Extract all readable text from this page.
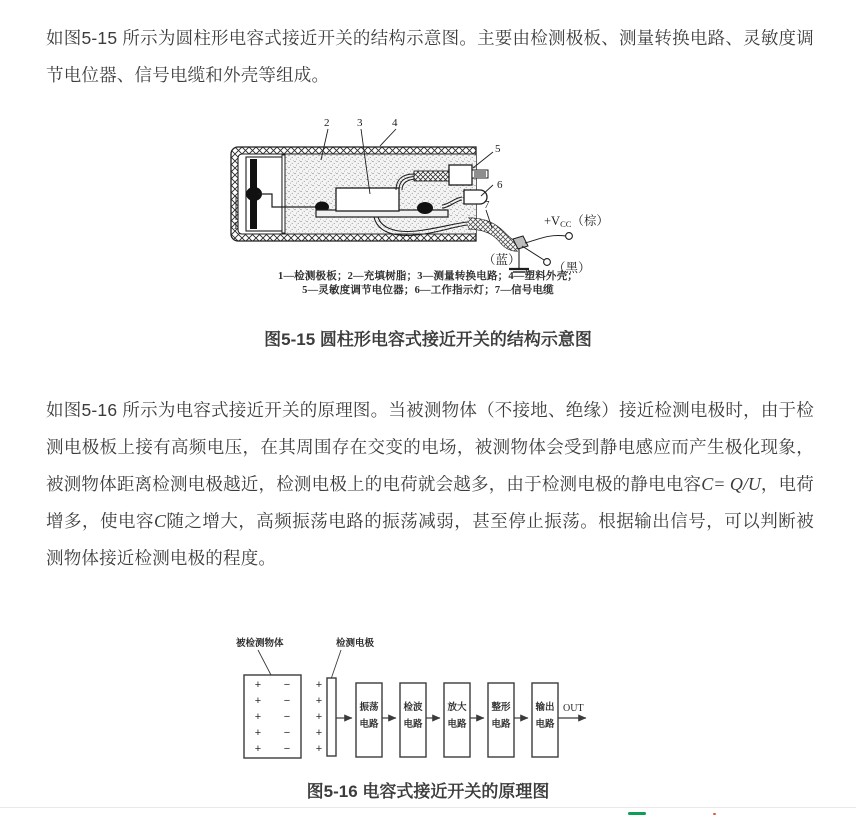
如图5-15 所示为圆柱形电容式接近开关的结构示意图。主要由检测极板、测量转换电路、灵敏度调节电位器、信号电缆和外壳等组成。
1
2	3	4
5
6
7
+VCC（棕）
（蓝）
（黑）
1—检测极板；2—充填树脂；3—测量转换电路；4—塑料外壳；
5—灵敏度调节电位器；6—工作指示灯；7—信号电缆
图5-15 圆柱形电容式接近开关的结构示意图
如图5-16 所示为电容式接近开关的原理图。当被测物体（不接地、绝缘）接近检测电极时，由于检测电极板上接有高频电压，在其周围存在交变的电场，被测物体会受到静电感应而产生极化现象，被测物体距离检测电极越近，检测电极上的电荷就会越多，由于检测电极的静电电容C= Q/U，电荷增多，使电容C随之增大，高频振荡电路的振荡减弱，甚至停止振荡。根据输出信号，可以判断被测物体接近检测电极的程度。
被检测物体	检测电极
+ −
+ −
+ −
+ −
+ −
+
+
+
+
+
振荡
电路
检波
电路
放大
电路
整形
电路
输出
电路
OUT
图5-16 电容式接近开关的原理图
